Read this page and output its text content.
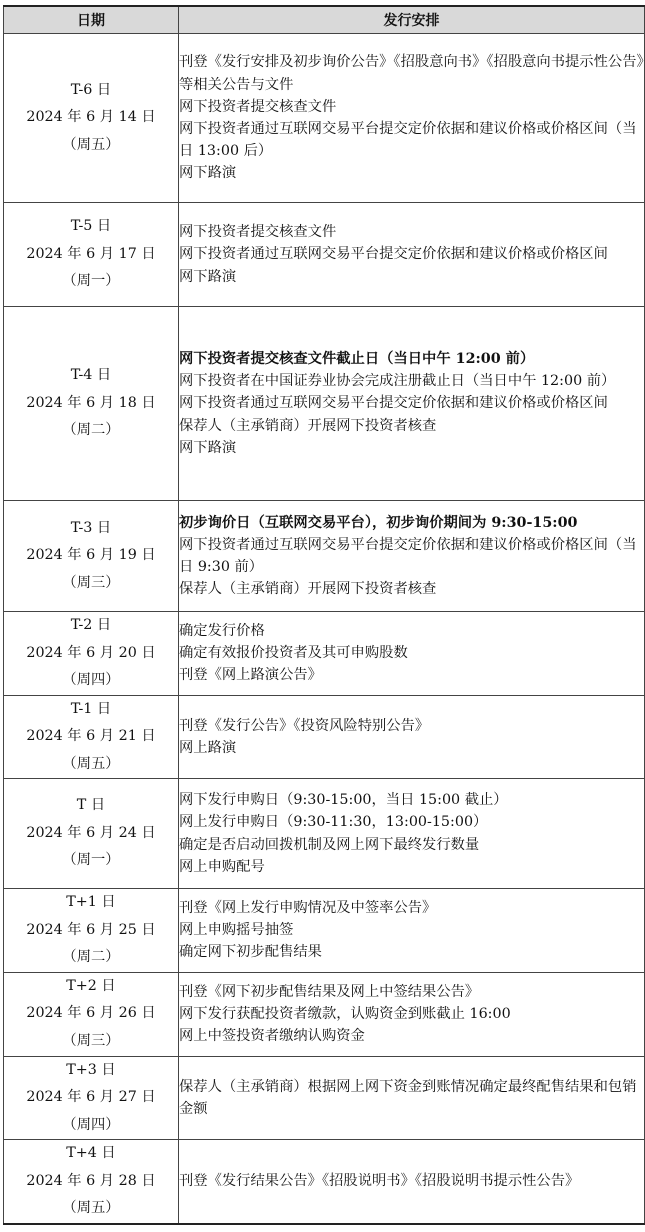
日期	发行安排

T-6 日
2024 年 6 月 14 日
（周五）	刊登《发行安排及初步询价公告》《招股意向书》《招股意向书提示性公告》等相关公告与文件
网下投资者提交核查文件
网下投资者通过互联网交易平台提交定价依据和建议价格或价格区间（当日 13:00 后）
网下路演

T-5 日
2024 年 6 月 17 日
（周一）	网下投资者提交核查文件
网下投资者通过互联网交易平台提交定价依据和建议价格或价格区间
网下路演

T-4 日
2024 年 6 月 18 日
（周二）	网下投资者提交核查文件截止日（当日中午 12:00 前）
网下投资者在中国证券业协会完成注册截止日（当日中午 12:00 前）
网下投资者通过互联网交易平台提交定价依据和建议价格或价格区间
保荐人（主承销商）开展网下投资者核查
网下路演

T-3 日
2024 年 6 月 19 日
（周三）	初步询价日（互联网交易平台），初步询价期间为 9:30-15:00
网下投资者通过互联网交易平台提交定价依据和建议价格或价格区间（当日 9:30 前）
保荐人（主承销商）开展网下投资者核查

T-2 日
2024 年 6 月 20 日
（周四）	确定发行价格
确定有效报价投资者及其可申购股数
刊登《网上路演公告》

T-1 日
2024 年 6 月 21 日
（周五）	刊登《发行公告》《投资风险特别公告》
网上路演

T 日
2024 年 6 月 24 日
（周一）	网下发行申购日（9:30-15:00，当日 15:00 截止）
网上发行申购日（9:30-11:30，13:00-15:00）
确定是否启动回拨机制及网上网下最终发行数量
网上申购配号

T+1 日
2024 年 6 月 25 日
（周二）	刊登《网上发行申购情况及中签率公告》
网上申购摇号抽签
确定网下初步配售结果

T+2 日
2024 年 6 月 26 日
（周三）	刊登《网下初步配售结果及网上中签结果公告》
网下发行获配投资者缴款，认购资金到账截止 16:00
网上中签投资者缴纳认购资金

T+3 日
2024 年 6 月 27 日
（周四）	保荐人（主承销商）根据网上网下资金到账情况确定最终配售结果和包销金额

T+4 日
2024 年 6 月 28 日
（周五）	刊登《发行结果公告》《招股说明书》《招股说明书提示性公告》
